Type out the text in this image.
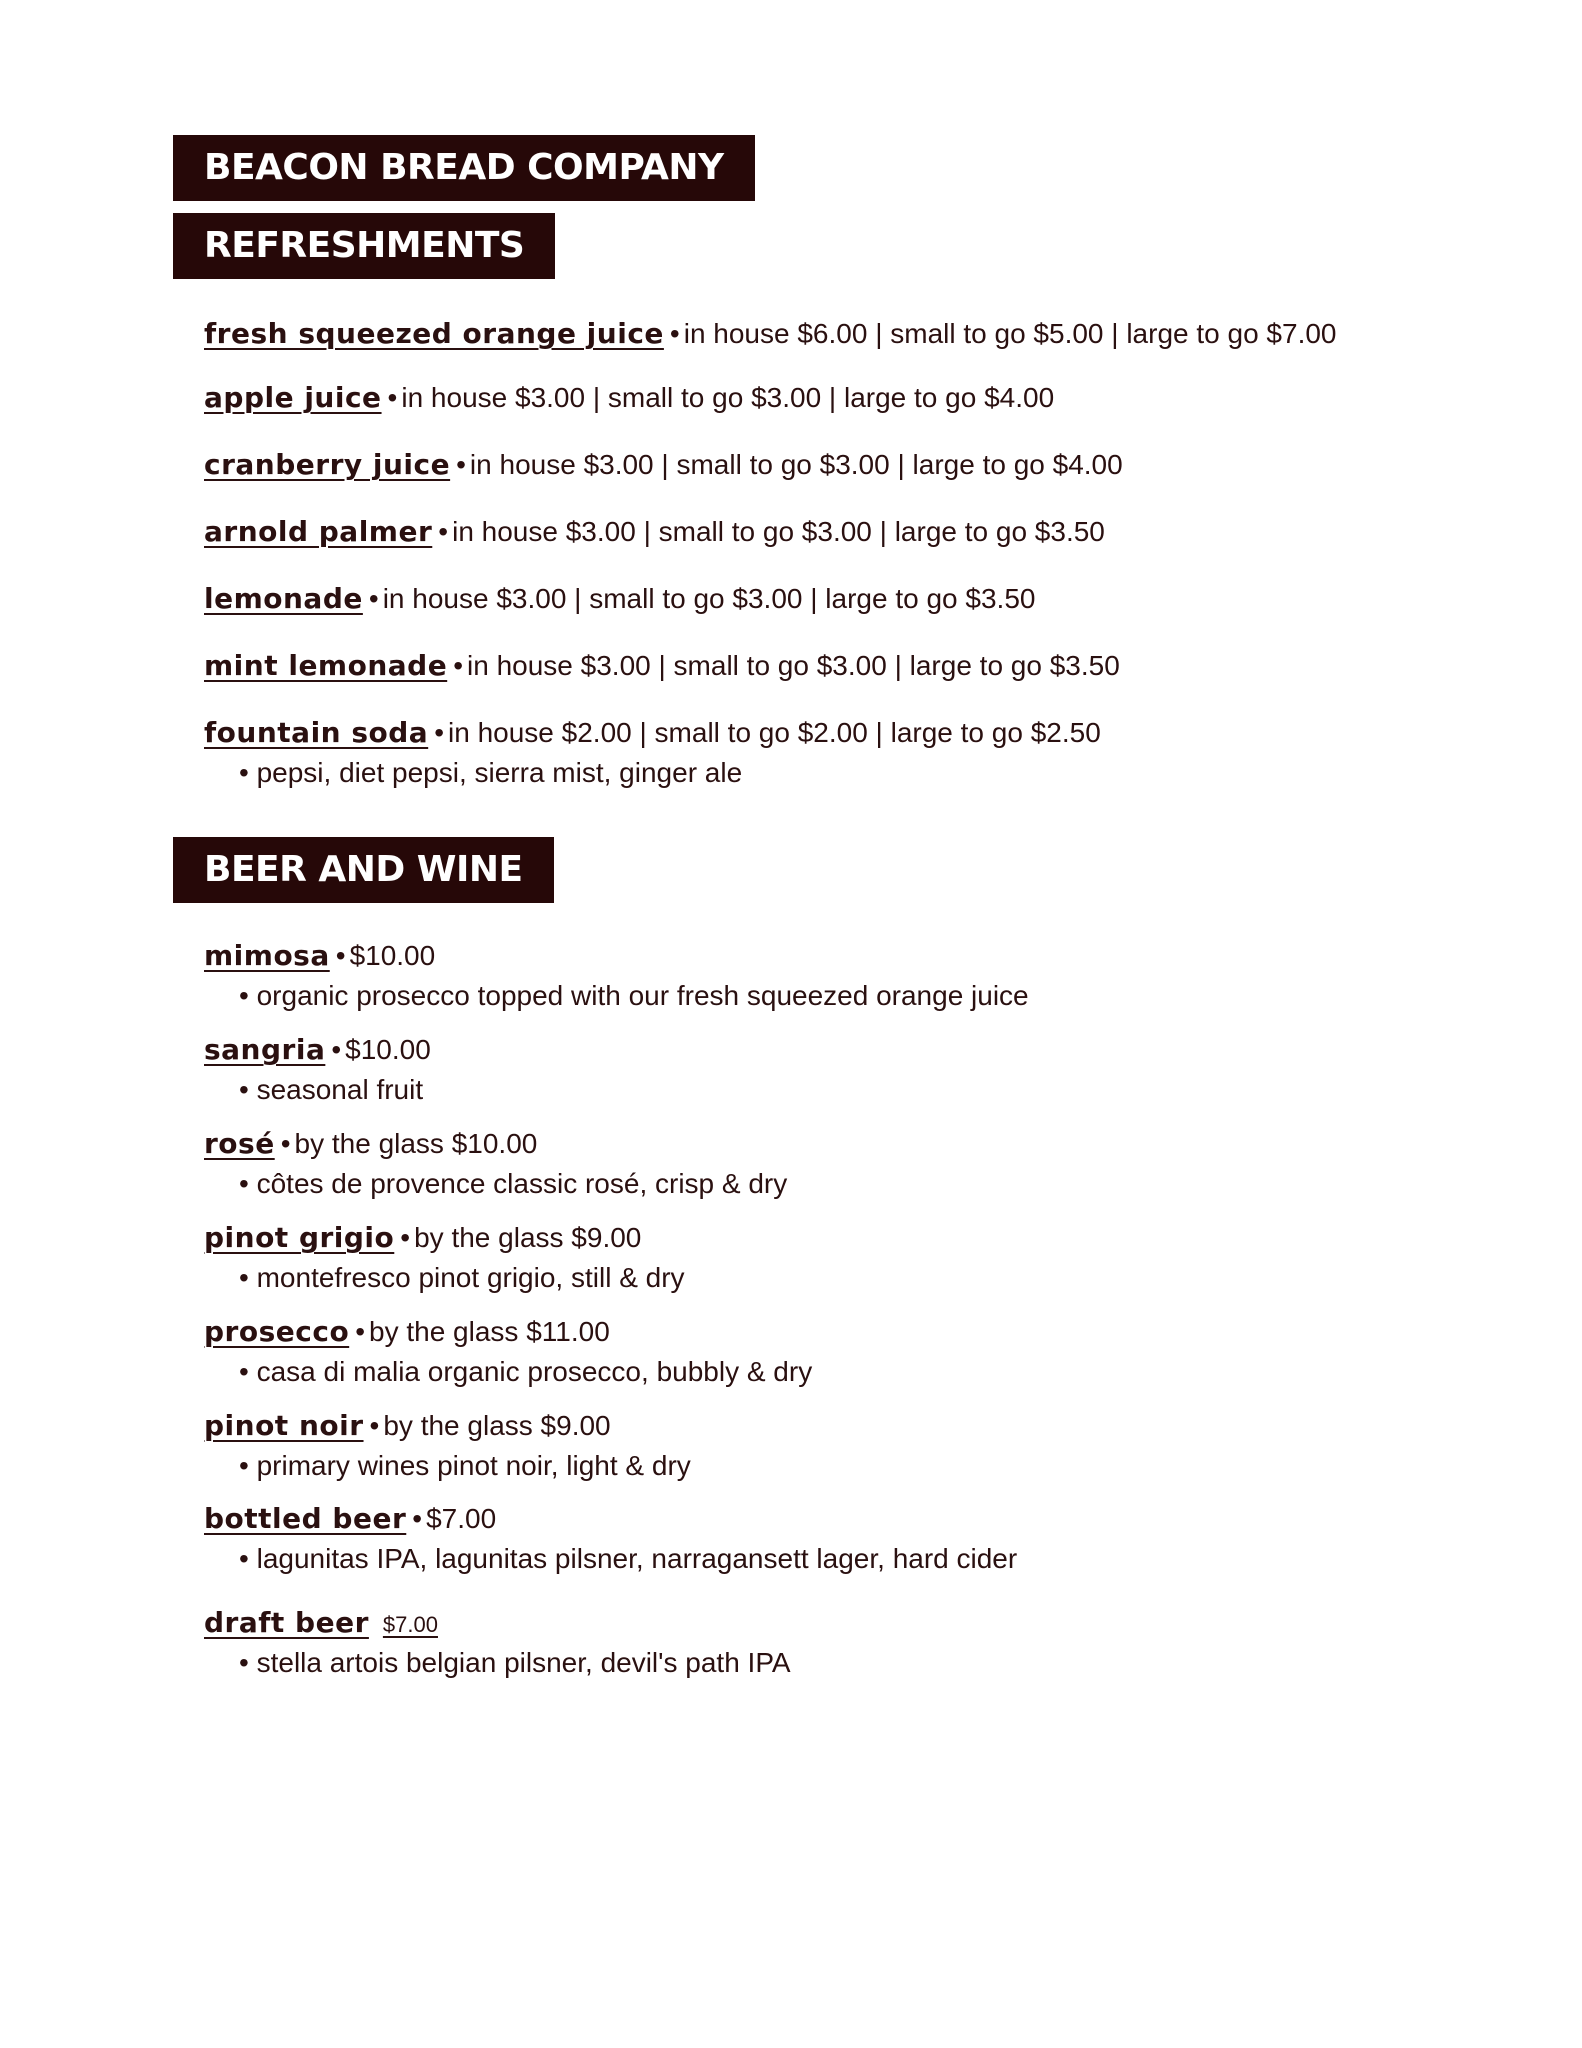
BEACON BREAD COMPANY
REFRESHMENTS
fresh squeezed orange juice • in house $6.00 | small to go $5.00 | large to go $7.00
apple juice • in house $3.00 | small to go $3.00 | large to go $4.00
cranberry juice • in house $3.00 | small to go $3.00 | large to go $4.00
arnold palmer • in house $3.00 | small to go $3.00 | large to go $3.50
lemonade • in house $3.00 | small to go $3.00 | large to go $3.50
mint lemonade • in house $3.00 | small to go $3.00 | large to go $3.50
fountain soda • in house $2.00 | small to go $2.00 | large to go $2.50
• pepsi, diet pepsi, sierra mist, ginger ale
BEER AND WINE
mimosa • $10.00
• organic prosecco topped with our fresh squeezed orange juice
sangria • $10.00
• seasonal fruit
rosé • by the glass $10.00
• côtes de provence classic rosé, crisp & dry
pinot grigio • by the glass $9.00
• montefresco pinot grigio, still & dry
prosecco • by the glass $11.00
• casa di malia organic prosecco, bubbly & dry
pinot noir • by the glass $9.00
• primary wines pinot noir, light & dry
bottled beer • $7.00
• lagunitas IPA, lagunitas pilsner, narragansett lager, hard cider
draft beer $7.00
• stella artois belgian pilsner, devil's path IPA
